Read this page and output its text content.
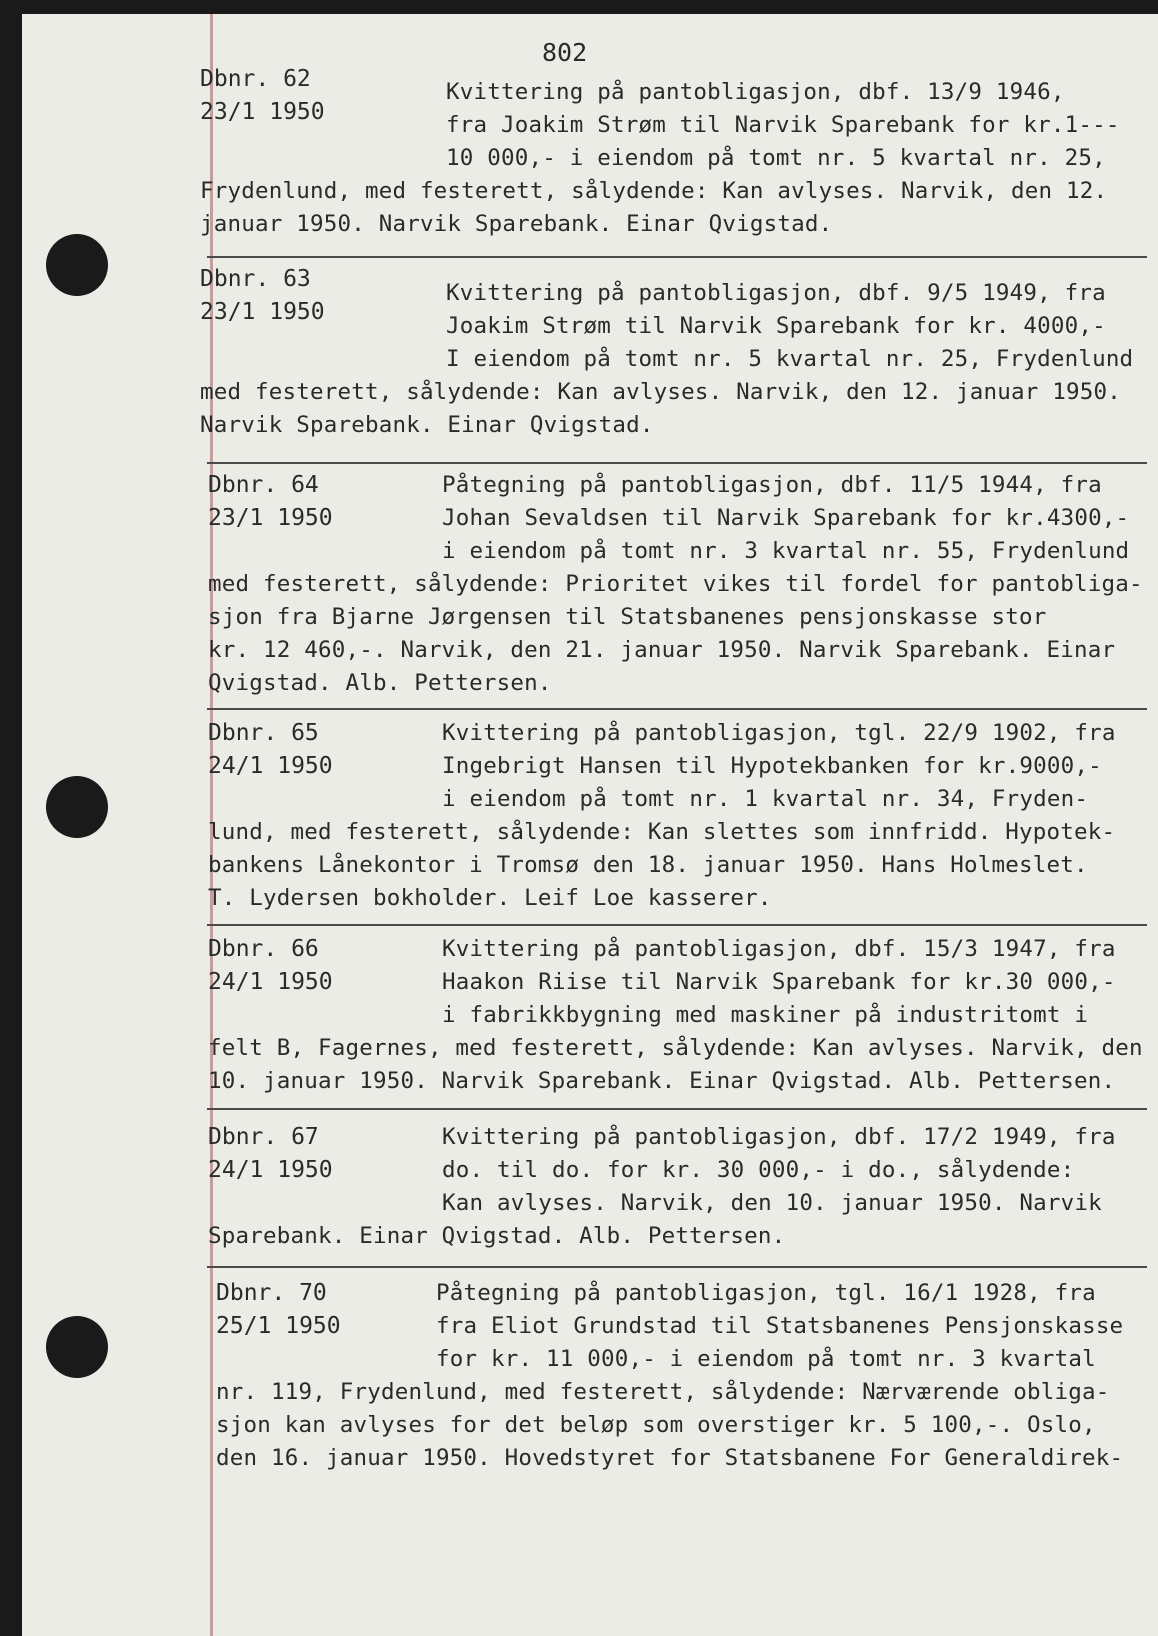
802
Dbnr. 62
23/1 1950
Kvittering på pantobligasjon, dbf. 13/9 1946,
fra Joakim Strøm til Narvik Sparebank for kr.1---
10 000,- i eiendom på tomt nr. 5 kvartal nr. 25,
Frydenlund, med festerett, sålydende: Kan avlyses. Narvik, den 12.
januar 1950. Narvik Sparebank. Einar Qvigstad.
Dbnr. 63
23/1 1950
Kvittering på pantobligasjon, dbf. 9/5 1949, fra
Joakim Strøm til Narvik Sparebank for kr. 4000,-
I eiendom på tomt nr. 5 kvartal nr. 25, Frydenlund
med festerett, sålydende: Kan avlyses. Narvik, den 12. januar 1950.
Narvik Sparebank. Einar Qvigstad.
Dbnr. 64
23/1 1950
Påtegning på pantobligasjon, dbf. 11/5 1944, fra
Johan Sevaldsen til Narvik Sparebank for kr.4300,-
i eiendom på tomt nr. 3 kvartal nr. 55, Frydenlund
med festerett, sålydende: Prioritet vikes til fordel for pantobliga-
sjon fra Bjarne Jørgensen til Statsbanenes pensjonskasse stor
kr. 12 460,-. Narvik, den 21. januar 1950. Narvik Sparebank. Einar
Qvigstad. Alb. Pettersen.
Dbnr. 65
24/1 1950
Kvittering på pantobligasjon, tgl. 22/9 1902, fra
Ingebrigt Hansen til Hypotekbanken for kr.9000,-
i eiendom på tomt nr. 1 kvartal nr. 34, Fryden-
lund, med festerett, sålydende: Kan slettes som innfridd. Hypotek-
bankens Lånekontor i Tromsø den 18. januar 1950. Hans Holmeslet.
T. Lydersen bokholder. Leif Loe kasserer.
Dbnr. 66
24/1 1950
Kvittering på pantobligasjon, dbf. 15/3 1947, fra
Haakon Riise til Narvik Sparebank for kr.30 000,-
i fabrikkbygning med maskiner på industritomt i
felt B, Fagernes, med festerett, sålydende: Kan avlyses. Narvik, den
10. januar 1950. Narvik Sparebank. Einar Qvigstad. Alb. Pettersen.
Dbnr. 67
24/1 1950
Kvittering på pantobligasjon, dbf. 17/2 1949, fra
do. til do. for kr. 30 000,- i do., sålydende:
Kan avlyses. Narvik, den 10. januar 1950. Narvik
Sparebank. Einar Qvigstad. Alb. Pettersen.
Dbnr. 70
25/1 1950
Påtegning på pantobligasjon, tgl. 16/1 1928, fra
fra Eliot Grundstad til Statsbanenes Pensjonskasse
for kr. 11 000,- i eiendom på tomt nr. 3 kvartal
nr. 119, Frydenlund, med festerett, sålydende: Nærværende obliga-
sjon kan avlyses for det beløp som overstiger kr. 5 100,-. Oslo,
den 16. januar 1950. Hovedstyret for Statsbanene For Generaldirek-
